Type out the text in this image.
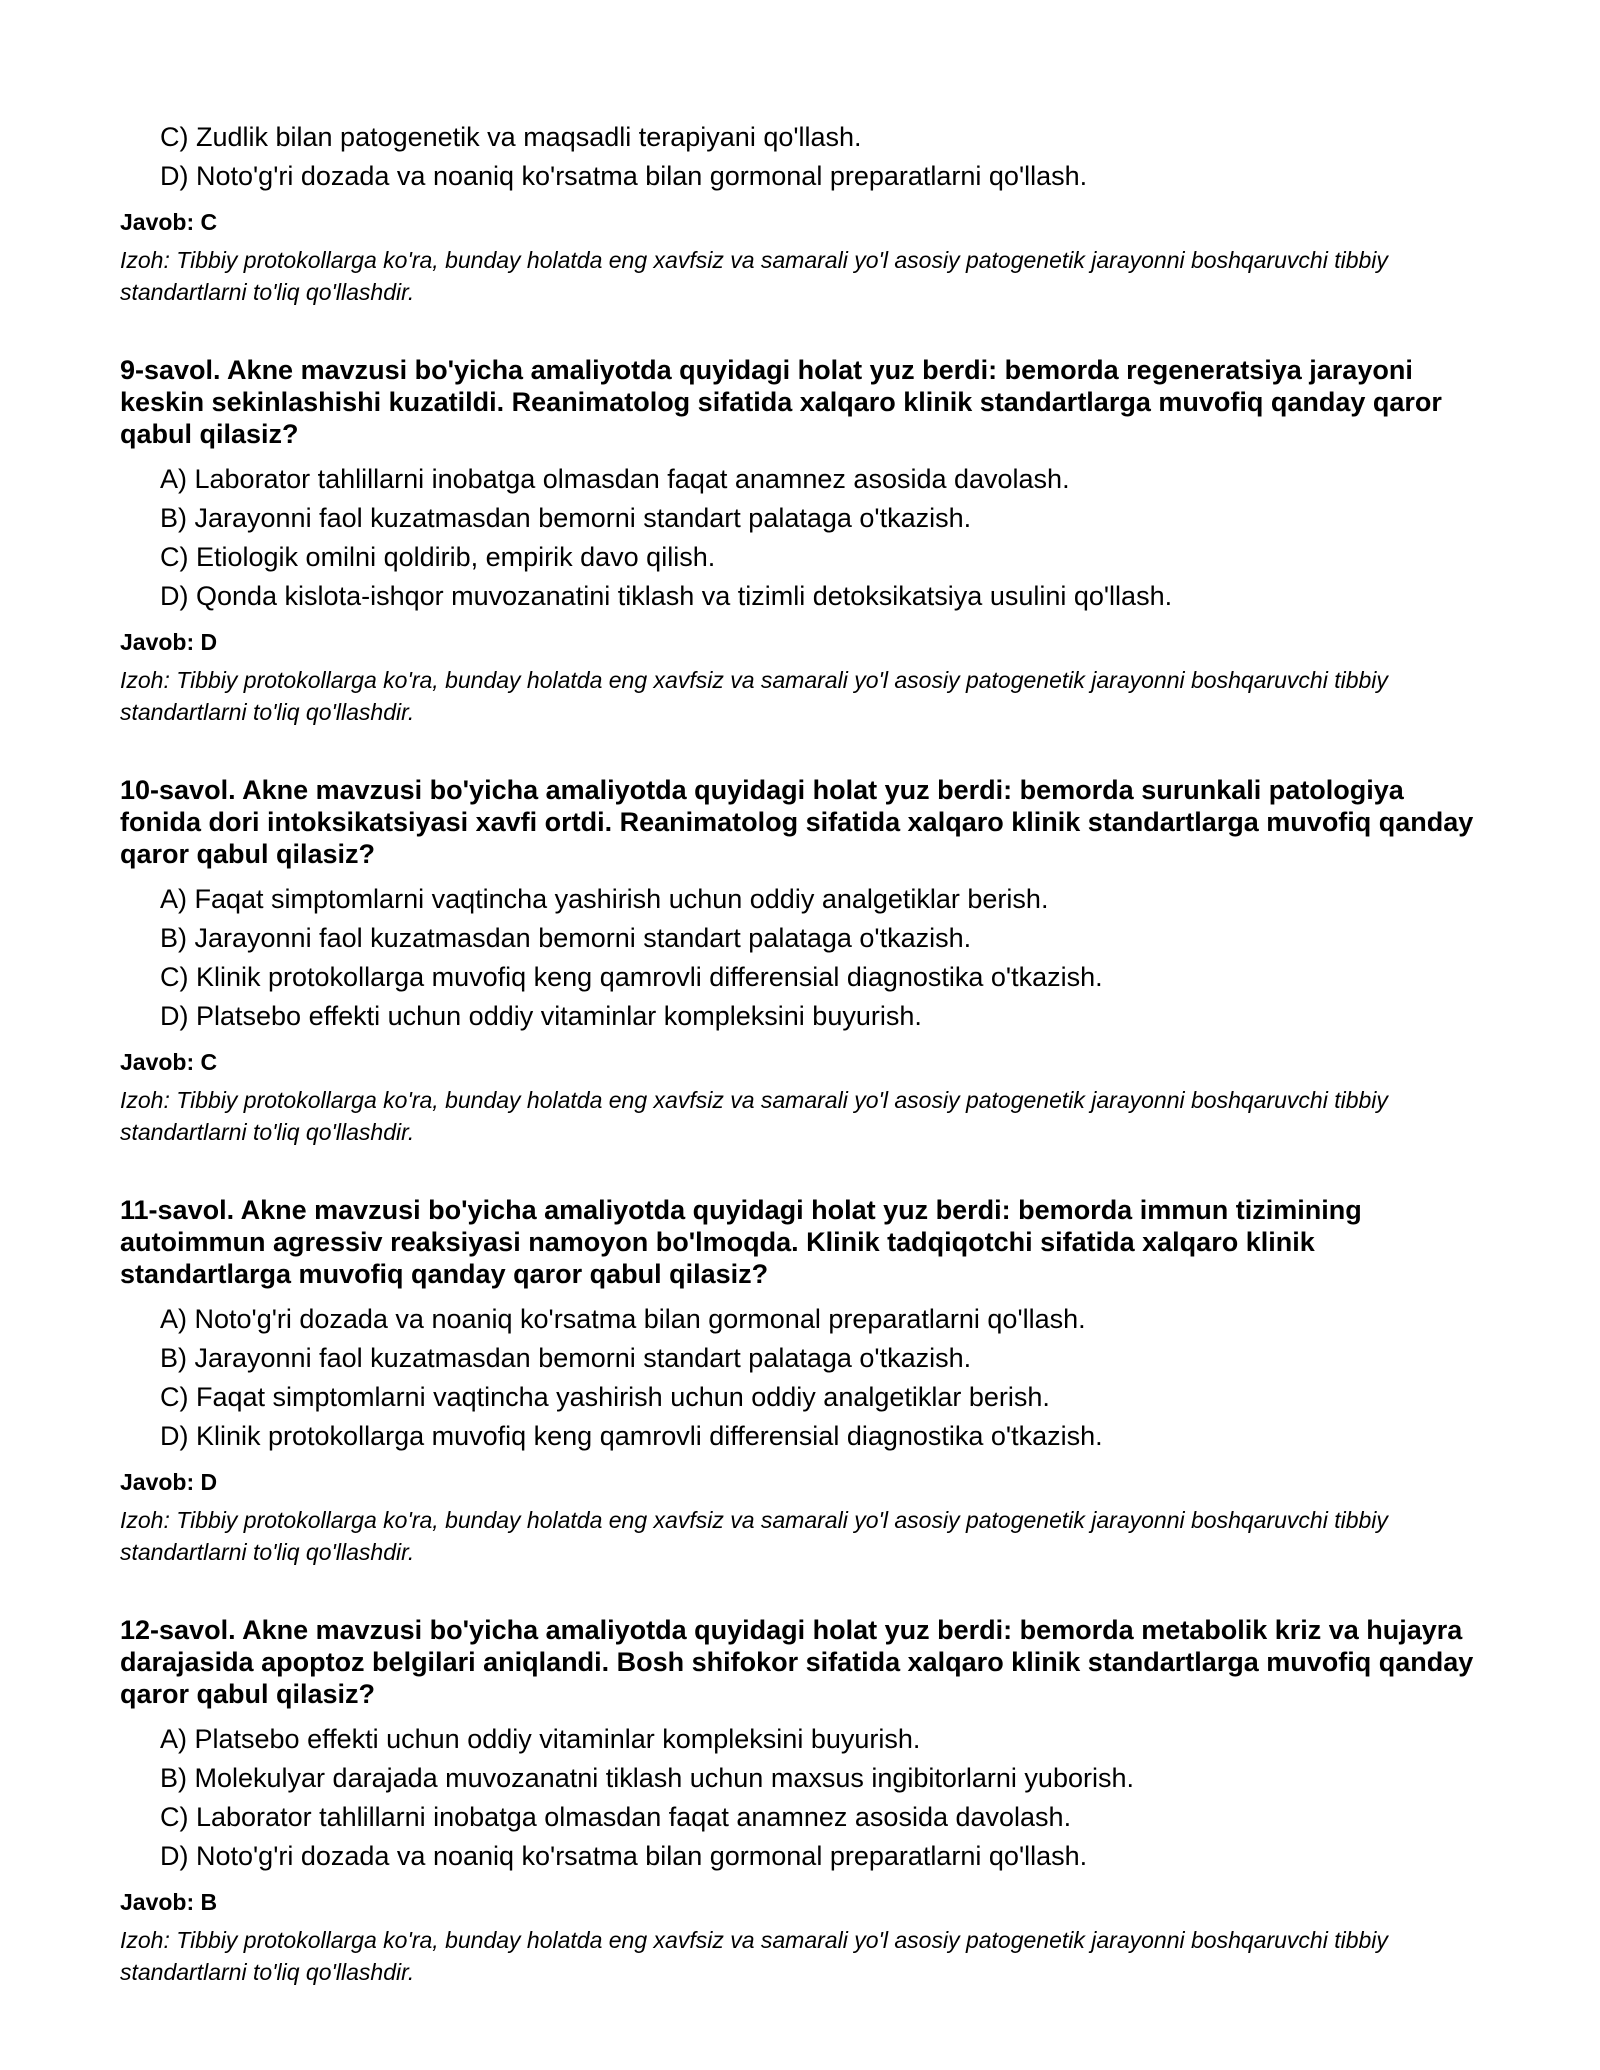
C) Zudlik bilan patogenetik va maqsadli terapiyani qo'llash.
D) Noto'g'ri dozada va noaniq ko'rsatma bilan gormonal preparatlarni qo'llash.
Javob: C
Izoh: Tibbiy protokollarga ko'ra, bunday holatda eng xavfsiz va samarali yo'l asosiy patogenetik jarayonni boshqaruvchi tibbiy standartlarni to'liq qo'llashdir.
9-savol. Akne mavzusi bo'yicha amaliyotda quyidagi holat yuz berdi: bemorda regeneratsiya jarayoni keskin sekinlashishi kuzatildi. Reanimatolog sifatida xalqaro klinik standartlarga muvofiq qanday qaror qabul qilasiz?
A) Laborator tahlillarni inobatga olmasdan faqat anamnez asosida davolash.
B) Jarayonni faol kuzatmasdan bemorni standart palataga o'tkazish.
C) Etiologik omilni qoldirib, empirik davo qilish.
D) Qonda kislota-ishqor muvozanatini tiklash va tizimli detoksikatsiya usulini qo'llash.
Javob: D
Izoh: Tibbiy protokollarga ko'ra, bunday holatda eng xavfsiz va samarali yo'l asosiy patogenetik jarayonni boshqaruvchi tibbiy standartlarni to'liq qo'llashdir.
10-savol. Akne mavzusi bo'yicha amaliyotda quyidagi holat yuz berdi: bemorda surunkali patologiya fonida dori intoksikatsiyasi xavfi ortdi. Reanimatolog sifatida xalqaro klinik standartlarga muvofiq qanday qaror qabul qilasiz?
A) Faqat simptomlarni vaqtincha yashirish uchun oddiy analgetiklar berish.
B) Jarayonni faol kuzatmasdan bemorni standart palataga o'tkazish.
C) Klinik protokollarga muvofiq keng qamrovli differensial diagnostika o'tkazish.
D) Platsebo effekti uchun oddiy vitaminlar kompleksini buyurish.
Javob: C
Izoh: Tibbiy protokollarga ko'ra, bunday holatda eng xavfsiz va samarali yo'l asosiy patogenetik jarayonni boshqaruvchi tibbiy standartlarni to'liq qo'llashdir.
11-savol. Akne mavzusi bo'yicha amaliyotda quyidagi holat yuz berdi: bemorda immun tizimining autoimmun agressiv reaksiyasi namoyon bo'lmoqda. Klinik tadqiqotchi sifatida xalqaro klinik standartlarga muvofiq qanday qaror qabul qilasiz?
A) Noto'g'ri dozada va noaniq ko'rsatma bilan gormonal preparatlarni qo'llash.
B) Jarayonni faol kuzatmasdan bemorni standart palataga o'tkazish.
C) Faqat simptomlarni vaqtincha yashirish uchun oddiy analgetiklar berish.
D) Klinik protokollarga muvofiq keng qamrovli differensial diagnostika o'tkazish.
Javob: D
Izoh: Tibbiy protokollarga ko'ra, bunday holatda eng xavfsiz va samarali yo'l asosiy patogenetik jarayonni boshqaruvchi tibbiy standartlarni to'liq qo'llashdir.
12-savol. Akne mavzusi bo'yicha amaliyotda quyidagi holat yuz berdi: bemorda metabolik kriz va hujayra darajasida apoptoz belgilari aniqlandi. Bosh shifokor sifatida xalqaro klinik standartlarga muvofiq qanday qaror qabul qilasiz?
A) Platsebo effekti uchun oddiy vitaminlar kompleksini buyurish.
B) Molekulyar darajada muvozanatni tiklash uchun maxsus ingibitorlarni yuborish.
C) Laborator tahlillarni inobatga olmasdan faqat anamnez asosida davolash.
D) Noto'g'ri dozada va noaniq ko'rsatma bilan gormonal preparatlarni qo'llash.
Javob: B
Izoh: Tibbiy protokollarga ko'ra, bunday holatda eng xavfsiz va samarali yo'l asosiy patogenetik jarayonni boshqaruvchi tibbiy standartlarni to'liq qo'llashdir.
